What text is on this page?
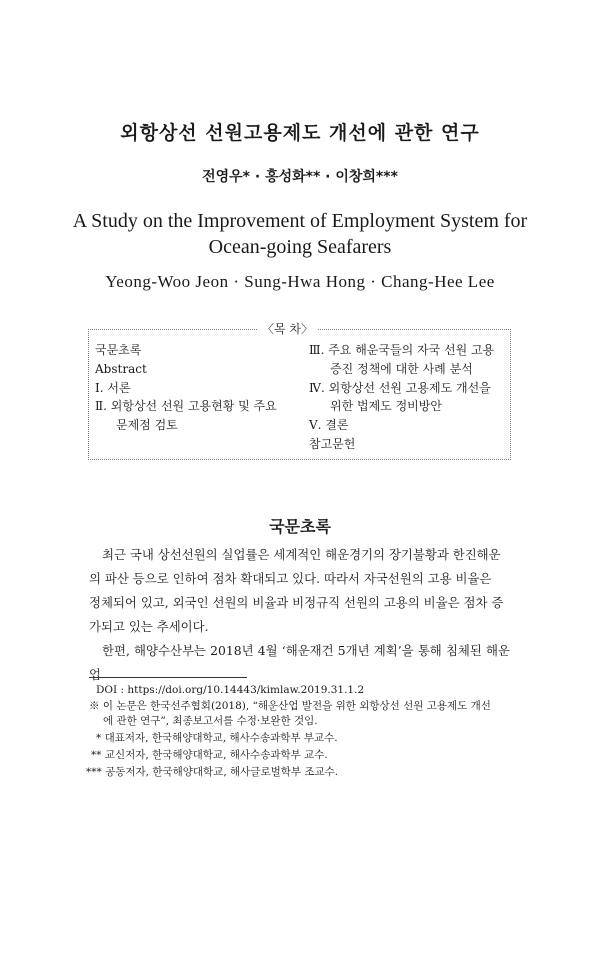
외항상선 선원고용제도 개선에 관한 연구
전영우* · 홍성화** · 이창희***
A Study on the Improvement of Employment System for
Ocean-going Seafarers
Yeong-Woo Jeon · Sung-Hwa Hong · Chang-Hee Lee
〈목 차〉
국문초록
Abstract
Ⅰ. 서론
Ⅱ. 외항상선 선원 고용현황 및 주요
문제점 검토
Ⅲ. 주요 해운국들의 자국 선원 고용
증진 정책에 대한 사례 분석
Ⅳ. 외항상선 선원 고용제도 개선을
위한 법제도 정비방안
Ⅴ. 결론
참고문헌
국문초록
최근 국내 상선선원의 실업률은 세계적인 해운경기의 장기불황과 한진해운
의 파산 등으로 인하여 점차 확대되고 있다. 따라서 자국선원의 고용 비율은
정체되어 있고, 외국인 선원의 비율과 비정규직 선원의 고용의 비율은 점차 증
가되고 있는 추세이다.
한편, 해양수산부는 2018년 4월 ‘해운재건 5개년 계획’을 통해 침체된 해운업
DOI : https://doi.org/10.14443/kimlaw.2019.31.1.2
※ 이 논문은 한국선주협회(2018), “해운산업 발전을 위한 외항상선 선원 고용제도 개선
에 관한 연구”, 최종보고서를 수정·보완한 것임.
* 대표저자, 한국해양대학교, 해사수송과학부 부교수.
** 교신저자, 한국해양대학교, 해사수송과학부 교수.
*** 공동저자, 한국해양대학교, 해사글로벌학부 조교수.
